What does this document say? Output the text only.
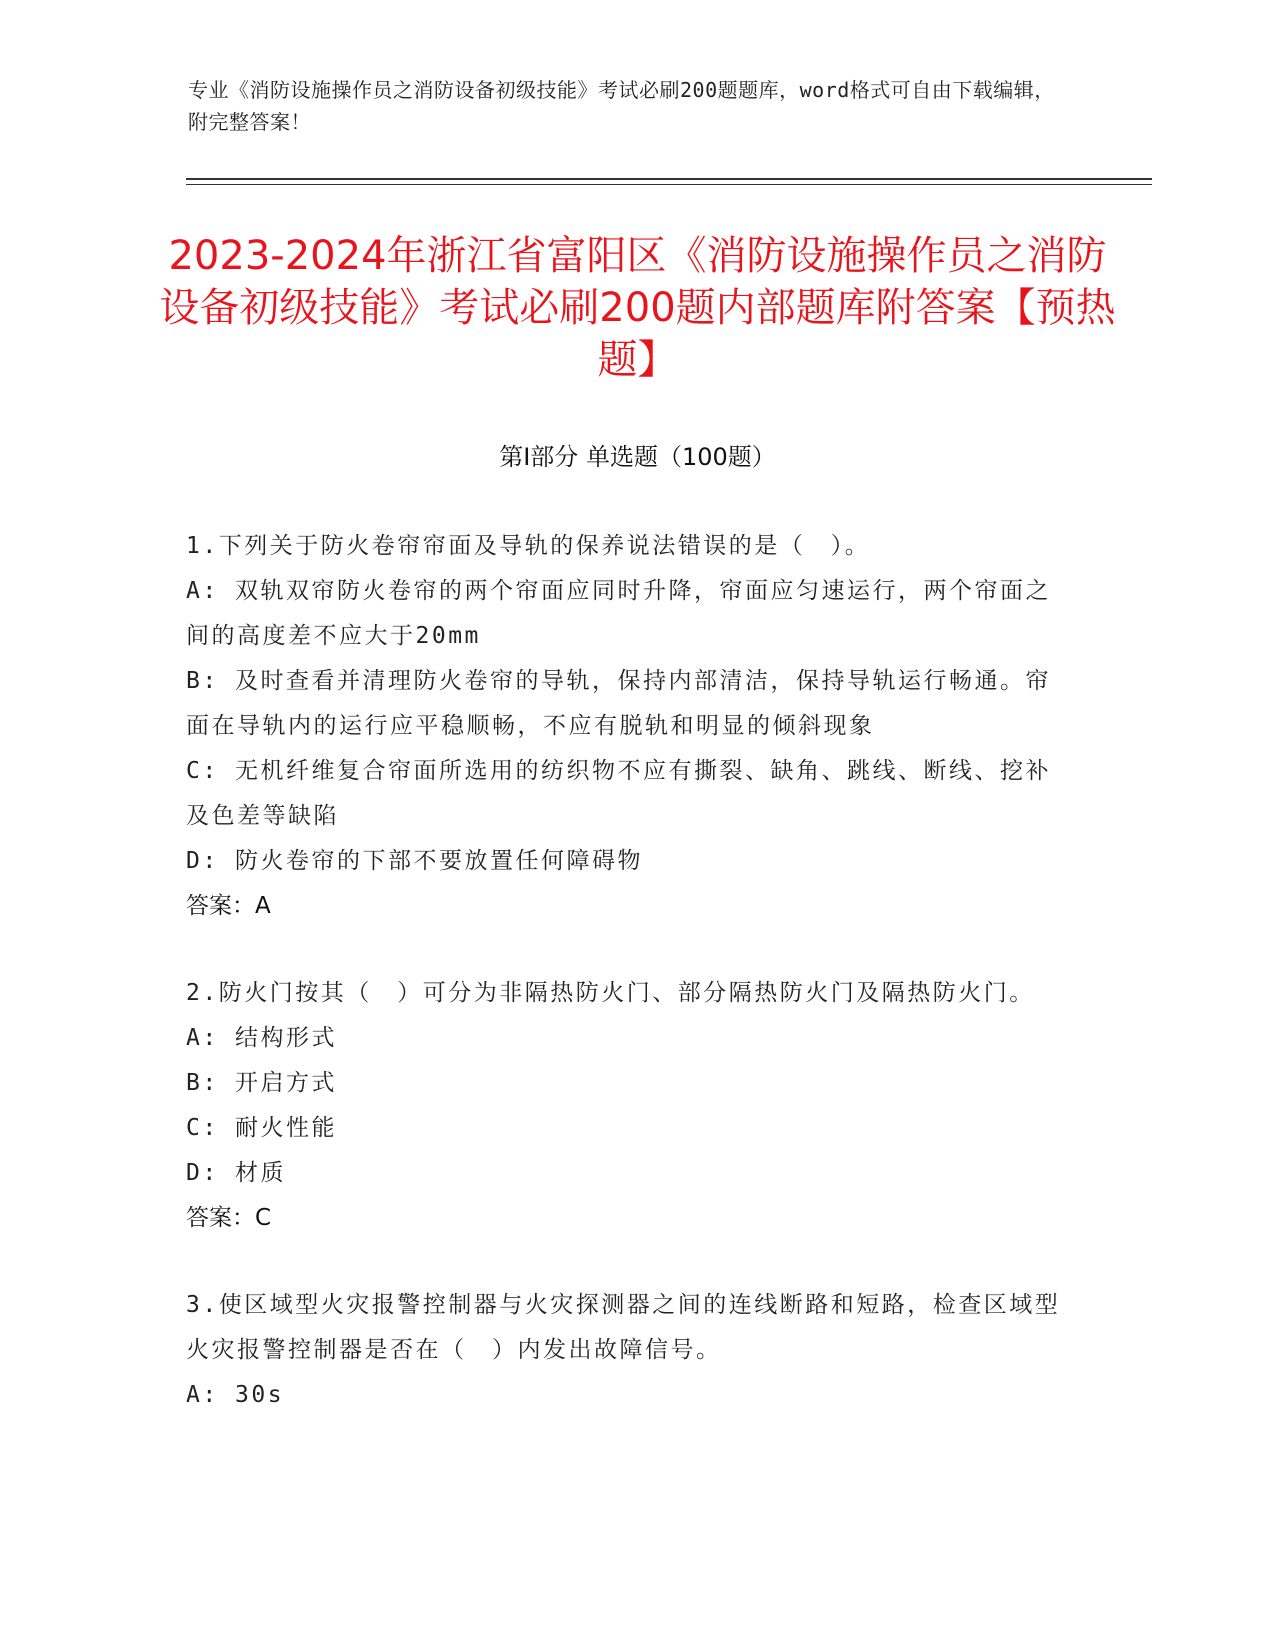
专业《消防设施操作员之消防设备初级技能》考试必刷200题题库，word格式可自由下载编辑，附完整答案！
2023-2024年浙江省富阳区《消防设施操作员之消防设备初级技能》考试必刷200题内部题库附答案【预热题】
第I部分 单选题（100题）
1.下列关于防火卷帘帘面及导轨的保养说法错误的是（　）。
A: 双轨双帘防火卷帘的两个帘面应同时升降，帘面应匀速运行，两个帘面之间的高度差不应大于20mm
B: 及时查看并清理防火卷帘的导轨，保持内部清洁，保持导轨运行畅通。帘面在导轨内的运行应平稳顺畅，不应有脱轨和明显的倾斜现象
C: 无机纤维复合帘面所选用的纺织物不应有撕裂、缺角、跳线、断线、挖补及色差等缺陷
D: 防火卷帘的下部不要放置任何障碍物
答案：A
2.防火门按其（　）可分为非隔热防火门、部分隔热防火门及隔热防火门。
A: 结构形式
B: 开启方式
C: 耐火性能
D: 材质
答案：C
3.使区域型火灾报警控制器与火灾探测器之间的连线断路和短路，检查区域型火灾报警控制器是否在（　）内发出故障信号。
A: 30s
